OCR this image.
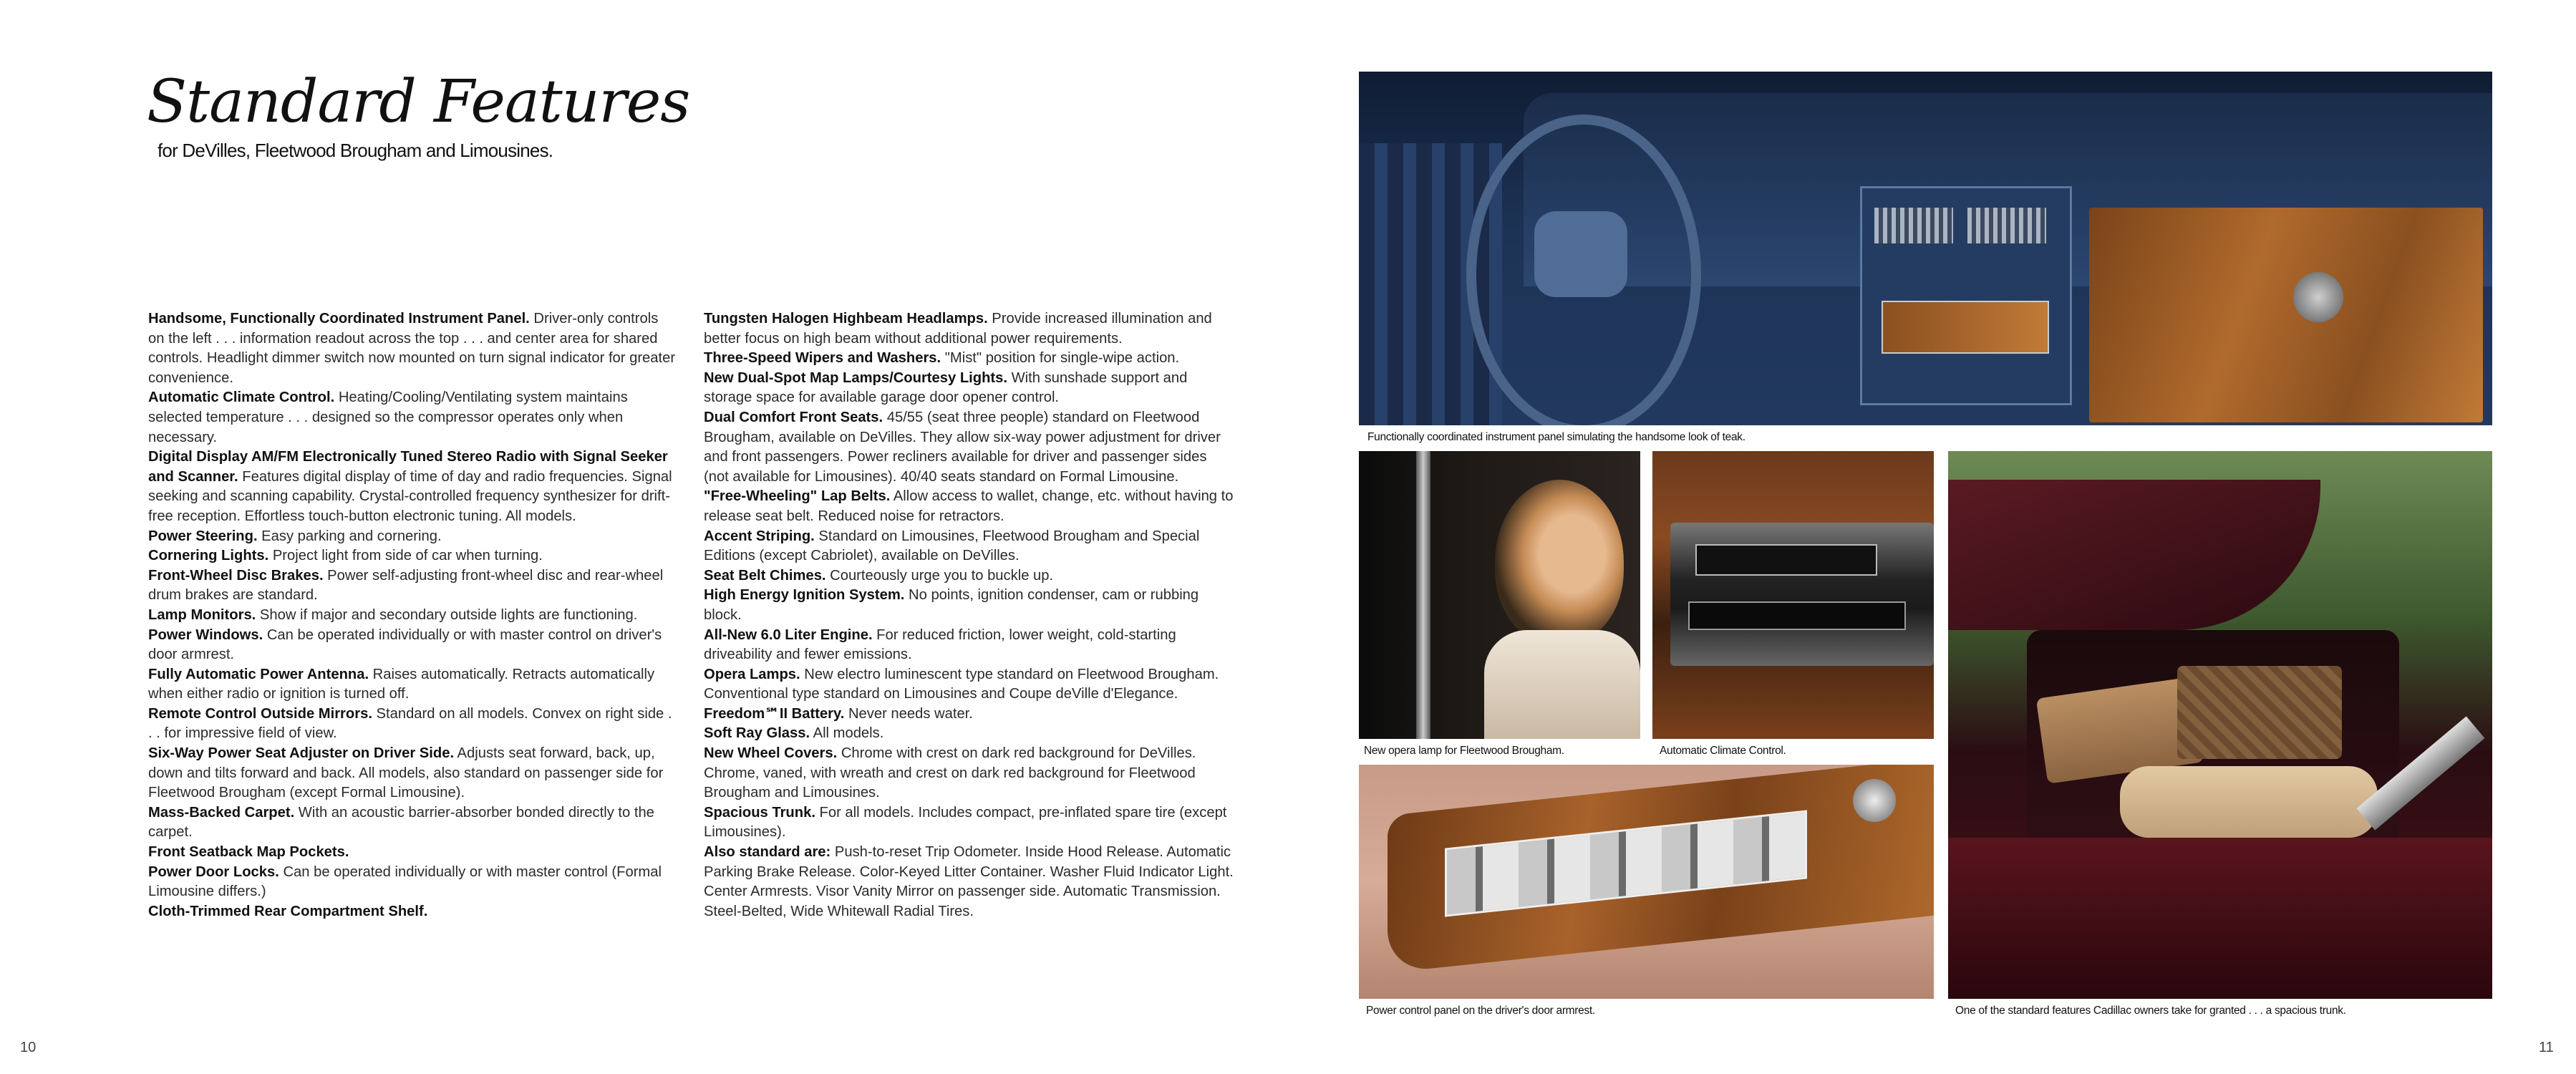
Standard Features

for DeVilles, Fleetwood Brougham and Limousines.

Handsome, Functionally Coordinated Instrument Panel. Driver-only controls on the left . . . information readout across the top . . . and center area for shared controls. Headlight dimmer switch now mounted on turn signal indicator for greater convenience.

Automatic Climate Control. Heating/Cooling/Ventilating system maintains selected temperature . . . designed so the compressor operates only when necessary.

Digital Display AM/FM Electronically Tuned Stereo Radio with Signal Seeker and Scanner. Features digital display of time of day and radio frequencies. Signal seeking and scanning capability. Crystal-controlled frequency synthesizer for drift-free reception. Effortless touch-button electronic tuning. All models.

Power Steering. Easy parking and cornering.

Cornering Lights. Project light from side of car when turning.

Front-Wheel Disc Brakes. Power self-adjusting front-wheel disc and rear-wheel drum brakes are standard.

Lamp Monitors. Show if major and secondary outside lights are functioning.

Power Windows. Can be operated individually or with master control on driver's door armrest.

Fully Automatic Power Antenna. Raises automatically. Retracts automatically when either radio or ignition is turned off.

Remote Control Outside Mirrors. Standard on all models. Convex on right side . . . for impressive field of view.

Six-Way Power Seat Adjuster on Driver Side. Adjusts seat forward, back, up, down and tilts forward and back. All models, also standard on passenger side for Fleetwood Brougham (except Formal Limousine).

Mass-Backed Carpet. With an acoustic barrier-absorber bonded directly to the carpet.

Front Seatback Map Pockets.

Power Door Locks. Can be operated individually or with master control (Formal Limousine differs.)

Cloth-Trimmed Rear Compartment Shelf.

Tungsten Halogen Highbeam Headlamps. Provide increased illumination and better focus on high beam without additional power requirements.

Three-Speed Wipers and Washers. "Mist" position for single-wipe action.

New Dual-Spot Map Lamps/Courtesy Lights. With sunshade support and storage space for available garage door opener control.

Dual Comfort Front Seats. 45/55 (seat three people) standard on Fleetwood Brougham, available on DeVilles. They allow six-way power adjustment for driver and front passengers. Power recliners available for driver and passenger sides (not available for Limousines). 40/40 seats standard on Formal Limousine.

"Free-Wheeling" Lap Belts. Allow access to wallet, change, etc. without having to release seat belt. Reduced noise for retractors.

Accent Striping. Standard on Limousines, Fleetwood Brougham and Special Editions (except Cabriolet), available on DeVilles.

Seat Belt Chimes. Courteously urge you to buckle up.

High Energy Ignition System. No points, ignition condenser, cam or rubbing block.

All-New 6.0 Liter Engine. For reduced friction, lower weight, cold-starting driveability and fewer emissions.

Opera Lamps. New electro luminescent type standard on Fleetwood Brougham. Conventional type standard on Limousines and Coupe deVille d'Elegance.

Freedom℠II Battery. Never needs water.

Soft Ray Glass. All models.

New Wheel Covers. Chrome with crest on dark red background for DeVilles. Chrome, vaned, with wreath and crest on dark red background for Fleetwood Brougham and Limousines.

Spacious Trunk. For all models. Includes compact, pre-inflated spare tire (except Limousines).

Also standard are: Push-to-reset Trip Odometer. Inside Hood Release. Automatic Parking Brake Release. Color-Keyed Litter Container. Washer Fluid Indicator Light. Center Armrests. Visor Vanity Mirror on passenger side. Automatic Transmission. Steel-Belted, Wide Whitewall Radial Tires.

Functionally coordinated instrument panel simulating the handsome look of teak.
New opera lamp for Fleetwood Brougham.	Automatic Climate Control.
Power control panel on the driver's door armrest.	One of the standard features Cadillac owners take for granted . . . a spacious trunk.
10	11
